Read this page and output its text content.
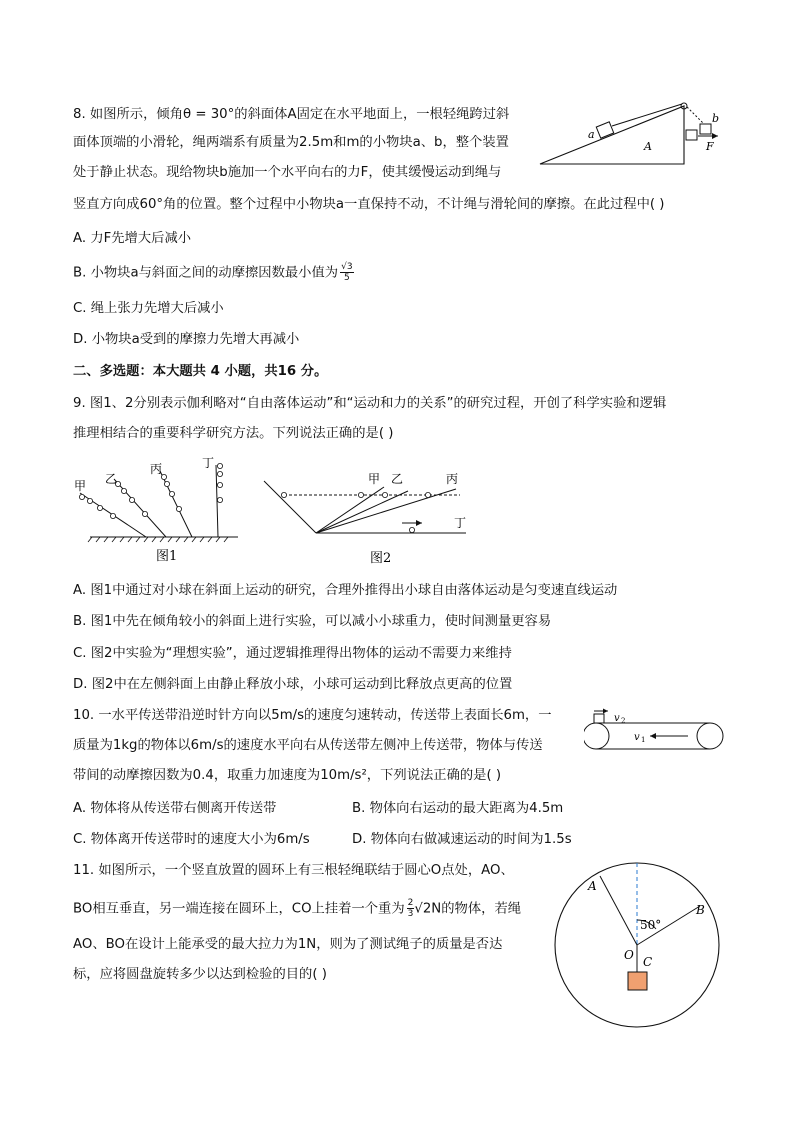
8. 如图所示，倾角θ = 30°的斜面体A固定在水平地面上，一根轻绳跨过斜
面体顶端的小滑轮，绳两端系有质量为2.5m和m的小物块a、b，整个装置
处于静止状态。现给物块b施加一个水平向右的力F，使其缓慢运动到绳与
竖直方向成60°角的位置。整个过程中小物块a一直保持不动，不计绳与滑轮间的摩擦。在此过程中( )
a
A
b
F
A. 力F先增大后减小
B. 小物块a与斜面之间的动摩擦因数最小值为 $\frac{√3}{5}$
C. 绳上张力先增大后减小
D. 小物块a受到的摩擦力先增大再减小
二、多选题：本大题共 4 小题，共16 分。
9. 图1、2分别表示伽利略对“自由落体运动”和“运动和力的关系”的研究过程，开创了科学实验和逻辑
推理相结合的重要科学研究方法。下列说法正确的是( )
甲 乙
丙	丁
图1
甲 乙	丙
丁
图2
A. 图1中通过对小球在斜面上运动的研究，合理外推得出小球自由落体运动是匀变速直线运动
B. 图1中先在倾角较小的斜面上进行实验，可以减小小球重力，使时间测量更容易
C. 图2中实验为“理想实验”，通过逻辑推理得出物体的运动不需要力来维持
D. 图2中在左侧斜面上由静止释放小球，小球可运动到比释放点更高的位置
10. 一水平传送带沿逆时针方向以5m/s的速度匀速转动，传送带上表面长6m，一
质量为1kg的物体以6m/s的速度水平向右从传送带左侧冲上传送带，物体与传送
带间的动摩擦因数为0.4，取重力加速度为10m/s²，下列说法正确的是( )
v 2
v 1
A. 物体将从传送带右侧离开传送带	B. 物体向右运动的最大距离为4.5m
C. 物体离开传送带时的速度大小为6m/s	D. 物体向右做减速运动的时间为1.5s
11. 如图所示，一个竖直放置的圆环上有三根轻绳联结于圆心O点处，AO、
BO相互垂直，另一端连接在圆环上，CO上挂着一个重为 $\frac{2}{3} √2N$的物体，若绳
AO、BO在设计上能承受的最大拉力为1N，则为了测试绳子的质量是否达
标，应将圆盘旋转多少以达到检验的目的( )
A
B
O C
50°
